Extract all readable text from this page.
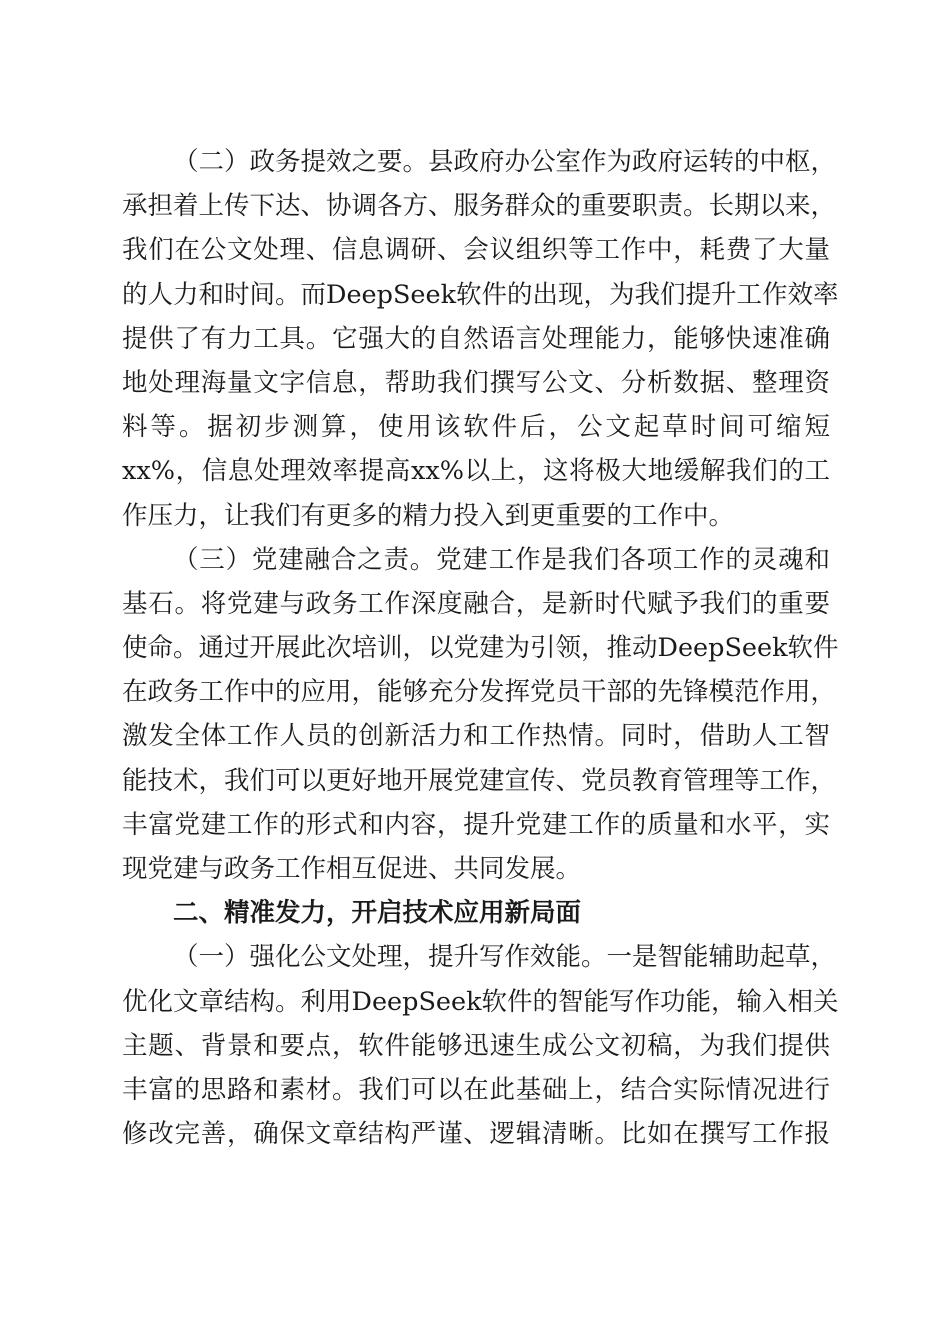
（二）政务提效之要。县政府办公室作为政府运转的中枢，
承担着上传下达、协调各方、服务群众的重要职责。长期以来，
我们在公文处理、信息调研、会议组织等工作中，耗费了大量
的人力和时间。而DeepSeek软件的出现，为我们提升工作效率
提供了有力工具。它强大的自然语言处理能力，能够快速准确
地处理海量文字信息，帮助我们撰写公文、分析数据、整理资
料等。据初步测算，使用该软件后，公文起草时间可缩短
xx%，信息处理效率提高xx%以上，这将极大地缓解我们的工
作压力，让我们有更多的精力投入到更重要的工作中。
（三）党建融合之责。党建工作是我们各项工作的灵魂和
基石。将党建与政务工作深度融合，是新时代赋予我们的重要
使命。通过开展此次培训，以党建为引领，推动DeepSeek软件
在政务工作中的应用，能够充分发挥党员干部的先锋模范作用，
激发全体工作人员的创新活力和工作热情。同时，借助人工智
能技术，我们可以更好地开展党建宣传、党员教育管理等工作，
丰富党建工作的形式和内容，提升党建工作的质量和水平，实
现党建与政务工作相互促进、共同发展。
二、精准发力，开启技术应用新局面
（一）强化公文处理，提升写作效能。一是智能辅助起草，
优化文章结构。利用DeepSeek软件的智能写作功能，输入相关
主题、背景和要点，软件能够迅速生成公文初稿，为我们提供
丰富的思路和素材。我们可以在此基础上，结合实际情况进行
修改完善，确保文章结构严谨、逻辑清晰。比如在撰写工作报
